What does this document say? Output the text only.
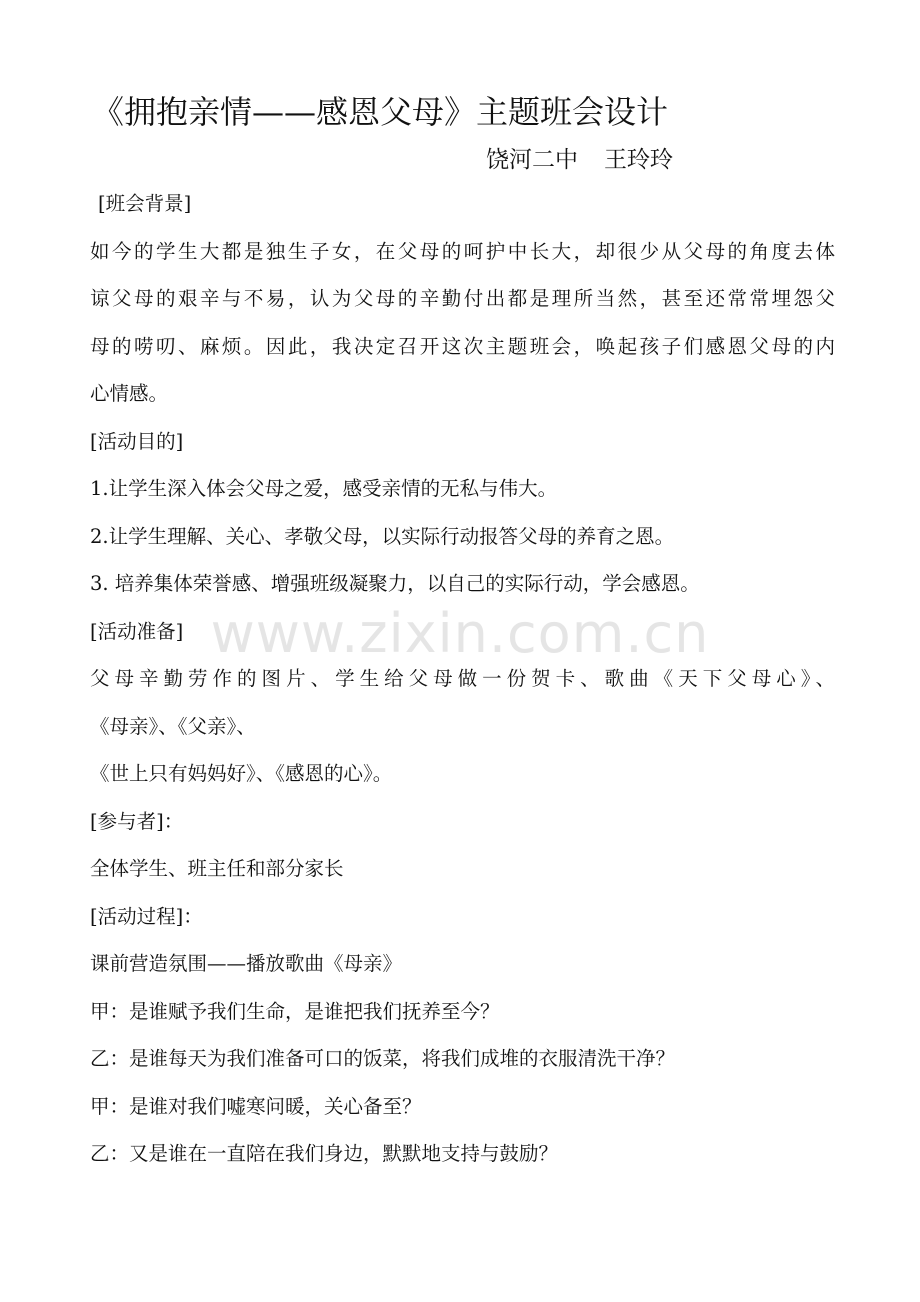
《拥抱亲情——感恩父母》主题班会设计
饶河二中 王玲玲
[班会背景]
如今的学生大都是独生子女，在父母的呵护中长大，却很少从父母的角度去体
谅父母的艰辛与不易，认为父母的辛勤付出都是理所当然，甚至还常常埋怨父
母的唠叨、麻烦。因此，我决定召开这次主题班会，唤起孩子们感恩父母的内
心情感。
[活动目的]
1.让学生深入体会父母之爱，感受亲情的无私与伟大。
2.让学生理解、关心、孝敬父母，以实际行动报答父母的养育之恩。
3. 培养集体荣誉感、增强班级凝聚力，以自己的实际行动，学会感恩。
[活动准备]
父母辛勤劳作的图片、学生给父母做一份贺卡、歌曲《天下父母心》、
《母亲》、《父亲》、
《世上只有妈妈好》、《感恩的心》。
[参与者]：
全体学生、班主任和部分家长
[活动过程]：
课前营造氛围——播放歌曲《母亲》
甲：是谁赋予我们生命，是谁把我们抚养至今？
乙：是谁每天为我们准备可口的饭菜，将我们成堆的衣服清洗干净？
甲：是谁对我们嘘寒问暖，关心备至？
乙：又是谁在一直陪在我们身边，默默地支持与鼓励？
www.zixin.com.cn
